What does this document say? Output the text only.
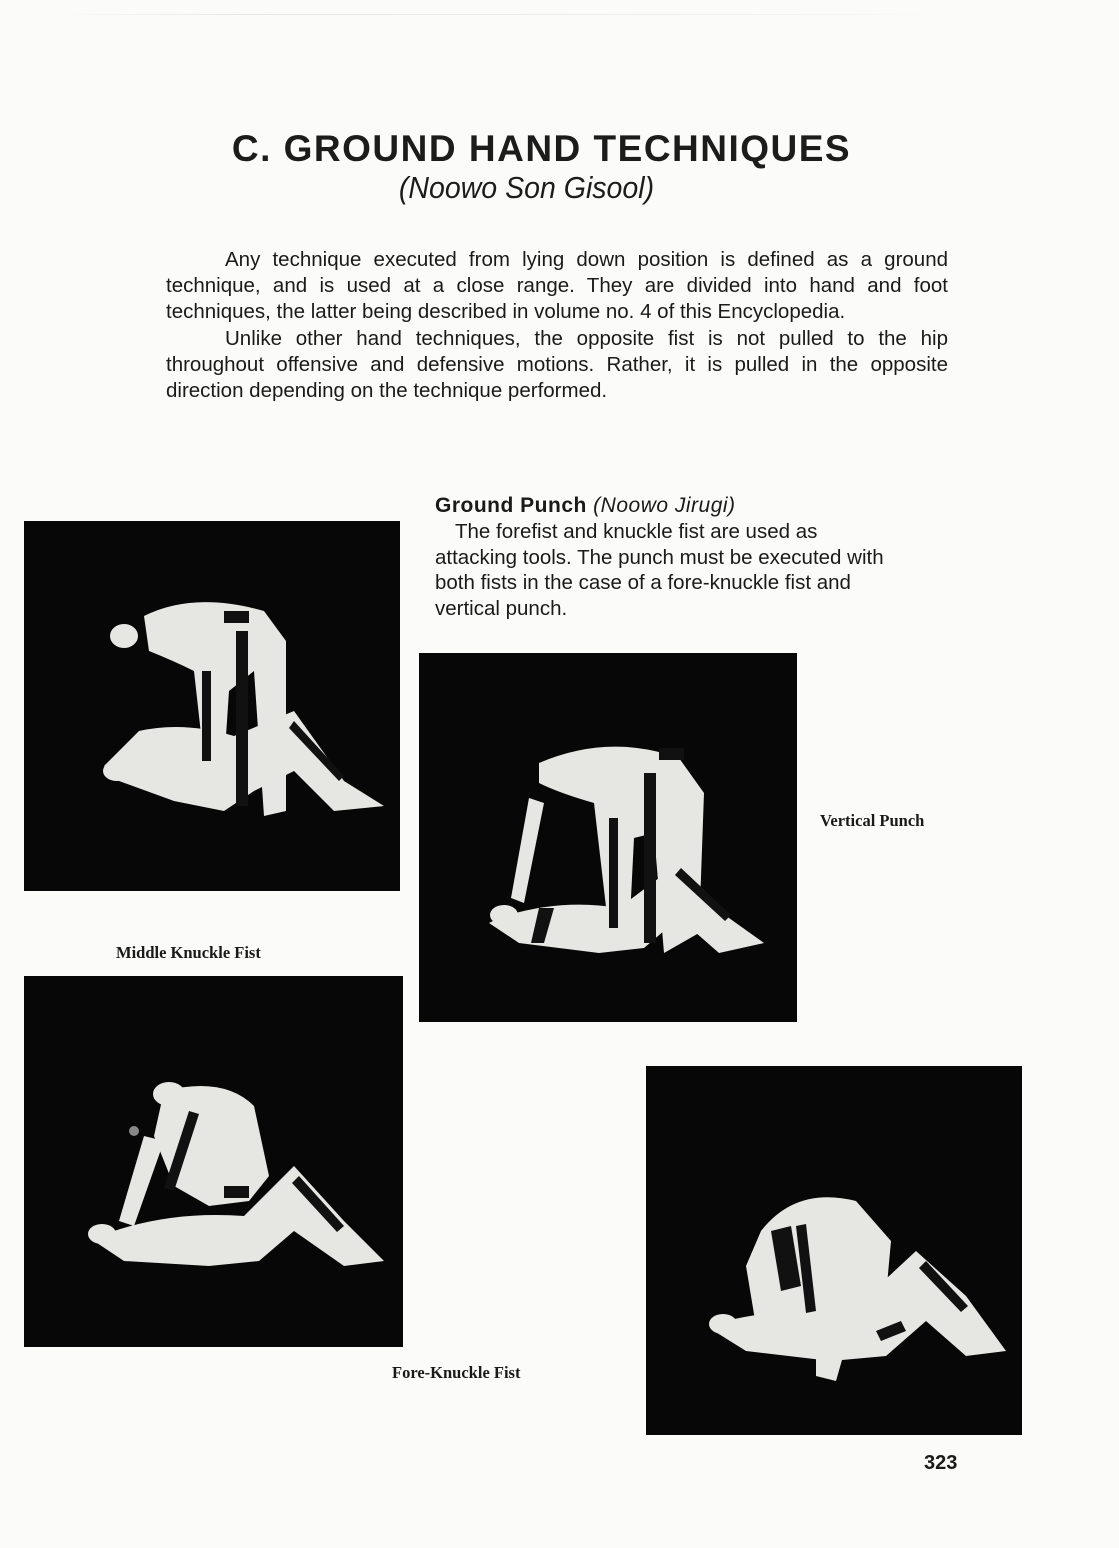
C. GROUND HAND TECHNIQUES
(Noowo Son Gisool)

Any technique executed from lying down position is defined as a ground technique, and is used at a close range. They are divided into hand and foot techniques, the latter being described in volume no. 4 of this Encyclopedia.

Unlike other hand techniques, the opposite fist is not pulled to the hip throughout offensive and defensive motions. Rather, it is pulled in the opposite direction depending on the technique performed.

Ground Punch (Noowo Jirugi)

The forefist and knuckle fist are used as attacking tools. The punch must be executed with both fists in the case of a fore-knuckle fist and vertical punch.

Middle Knuckle Fist
Vertical Punch
Fore-Knuckle Fist
323
